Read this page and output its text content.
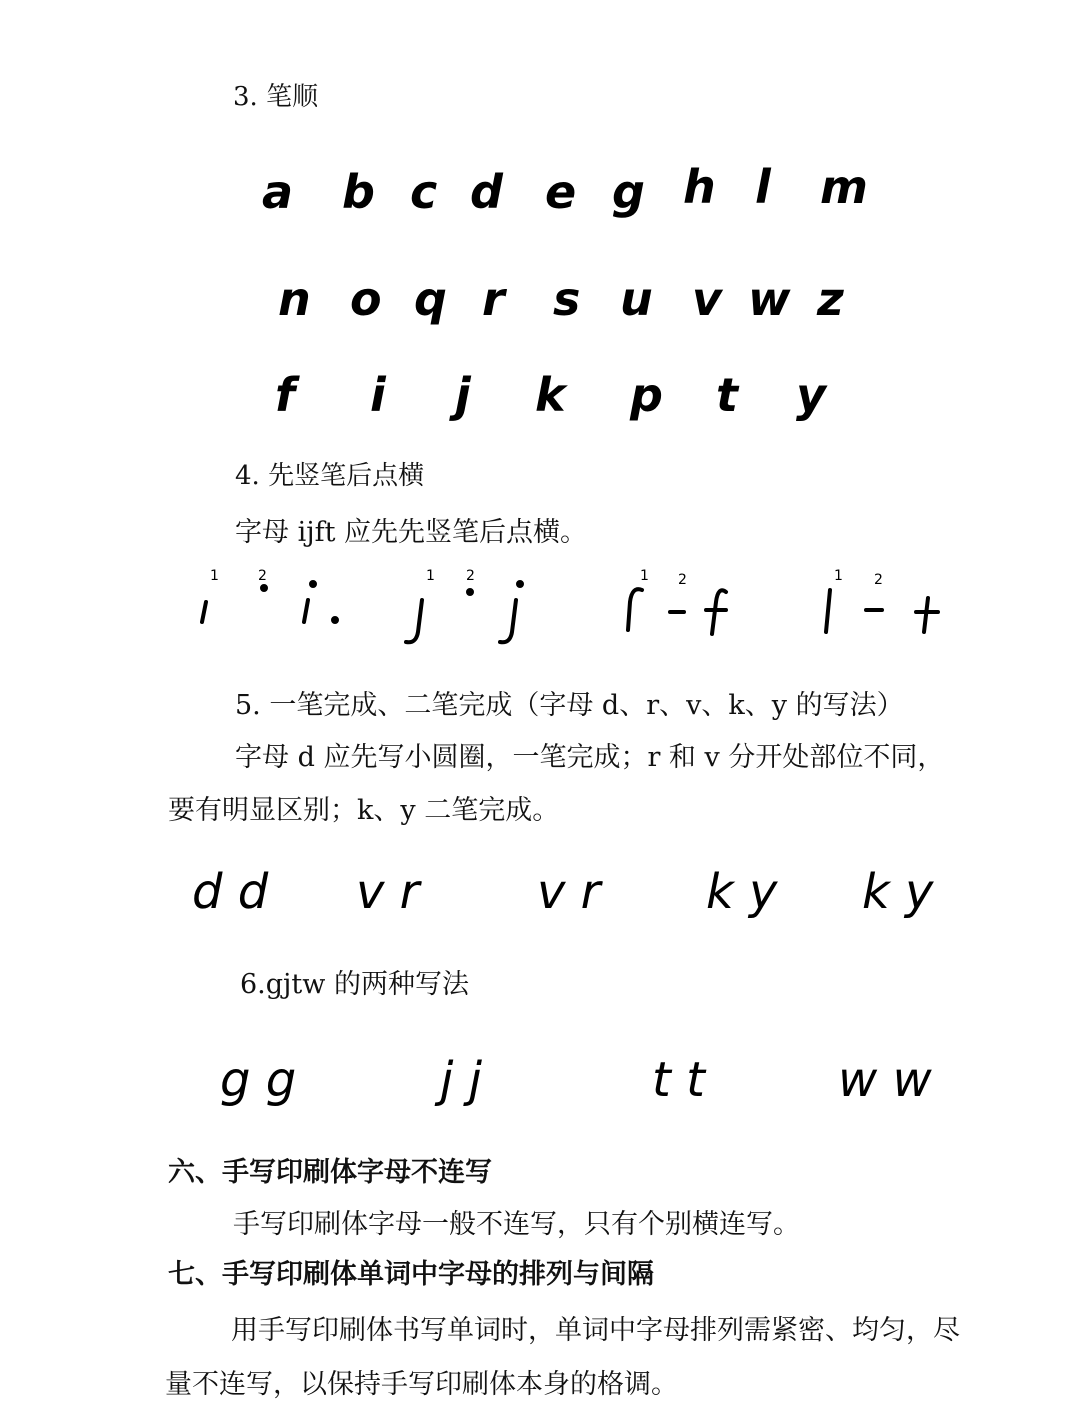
3. 笔顺
a b c d e g h l m
n o q r s u v w z
f i j k p t y
4. 先竖笔后点横
字母 ijft 应先先竖笔后点横。
1	2	1 2	1 2	1 2
5. 一笔完成、二笔完成（字母 d、r、v、k、y 的写法）
字母 d 应先写小圆圈，一笔完成；r 和 v 分开处部位不同，
要有明显区别；k、y 二笔完成。
d d v r v r k y k y
6.gjtw 的两种写法
g g	j j	t t	w w
六、手写印刷体字母不连写
手写印刷体字母一般不连写，只有个别横连写。
七、手写印刷体单词中字母的排列与间隔
用手写印刷体书写单词时，单词中字母排列需紧密、均匀，尽
量不连写，以保持手写印刷体本身的格调。
